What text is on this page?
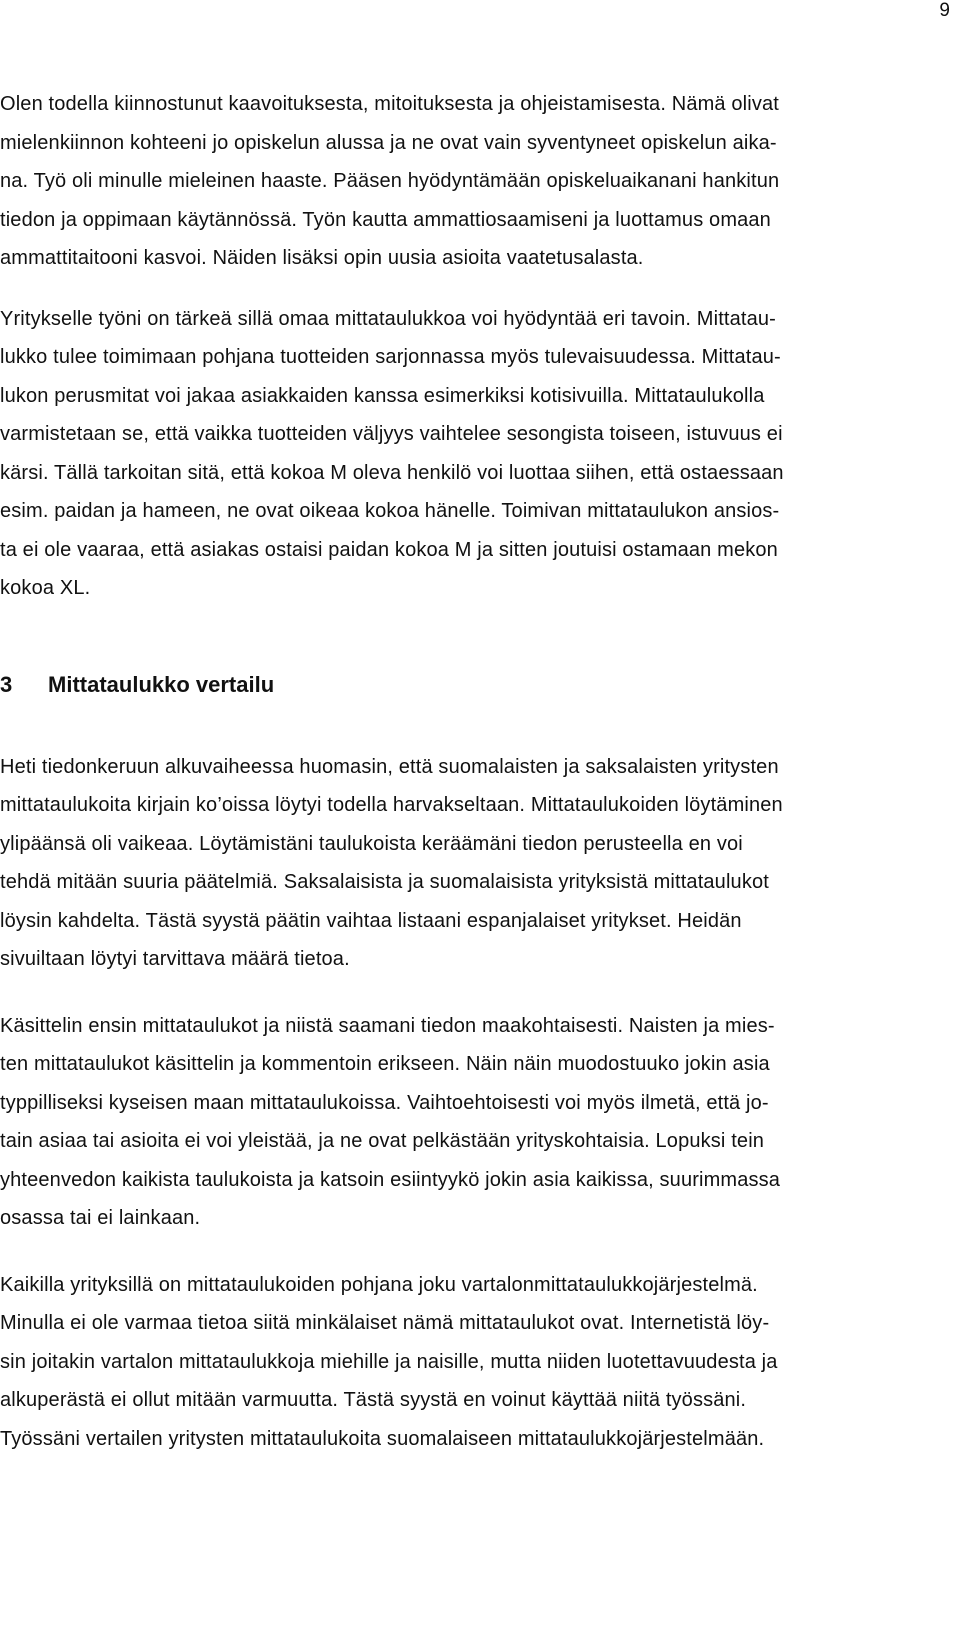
9

Olen todella kiinnostunut kaavoituksesta, mitoituksesta ja ohjeistamisesta. Nämä olivat
mielenkiinnon kohteeni jo opiskelun alussa ja ne ovat vain syventyneet opiskelun aika-
na. Työ oli minulle mieleinen haaste. Pääsen hyödyntämään opiskeluaikanani hankitun
tiedon ja oppimaan käytännössä. Työn kautta ammattiosaamiseni ja luottamus omaan
ammattitaitooni kasvoi. Näiden lisäksi opin uusia asioita vaatetusalasta.

Yritykselle työni on tärkeä sillä omaa mittataulukkoa voi hyödyntää eri tavoin. Mittatau-
lukko tulee toimimaan pohjana tuotteiden sarjonnassa myös tulevaisuudessa. Mittatau-
lukon perusmitat voi jakaa asiakkaiden kanssa esimerkiksi kotisivuilla. Mittataulukolla
varmistetaan se, että vaikka tuotteiden väljyys vaihtelee sesongista toiseen, istuvuus ei
kärsi. Tällä tarkoitan sitä, että kokoa M oleva henkilö voi luottaa siihen, että ostaessaan
esim. paidan ja hameen, ne ovat oikeaa kokoa hänelle. Toimivan mittataulukon ansios-
ta ei ole vaaraa, että asiakas ostaisi paidan kokoa M ja sitten joutuisi ostamaan mekon
kokoa XL.

3	Mittataulukko vertailu

Heti tiedonkeruun alkuvaiheessa huomasin, että suomalaisten ja saksalaisten yritysten
mittataulukoita kirjain ko’oissa löytyi todella harvakseltaan. Mittataulukoiden löytäminen
ylipäänsä oli vaikeaa. Löytämistäni taulukoista keräämäni tiedon perusteella en voi
tehdä mitään suuria päätelmiä. Saksalaisista ja suomalaisista yrityksistä mittataulukot
löysin kahdelta. Tästä syystä päätin vaihtaa listaani espanjalaiset yritykset. Heidän
sivuiltaan löytyi tarvittava määrä tietoa.

Käsittelin ensin mittataulukot ja niistä saamani tiedon maakohtaisesti. Naisten ja mies-
ten mittataulukot käsittelin ja kommentoin erikseen. Näin näin muodostuuko jokin asia
typpilliseksi kyseisen maan mittataulukoissa. Vaihtoehtoisesti voi myös ilmetä, että jo-
tain asiaa tai asioita ei voi yleistää, ja ne ovat pelkästään yrityskohtaisia. Lopuksi tein
yhteenvedon kaikista taulukoista ja katsoin esiintyykö jokin asia kaikissa, suurimmassa
osassa tai ei lainkaan.

Kaikilla yrityksillä on mittataulukoiden pohjana joku vartalonmittataulukkojärjestelmä.
Minulla ei ole varmaa tietoa siitä minkälaiset nämä mittataulukot ovat. Internetistä löy-
sin joitakin vartalon mittataulukkoja miehille ja naisille, mutta niiden luotettavuudesta ja
alkuperästä ei ollut mitään varmuutta. Tästä syystä en voinut käyttää niitä työssäni.
Työssäni vertailen yritysten mittataulukoita suomalaiseen mittataulukkojärjestelmään.
